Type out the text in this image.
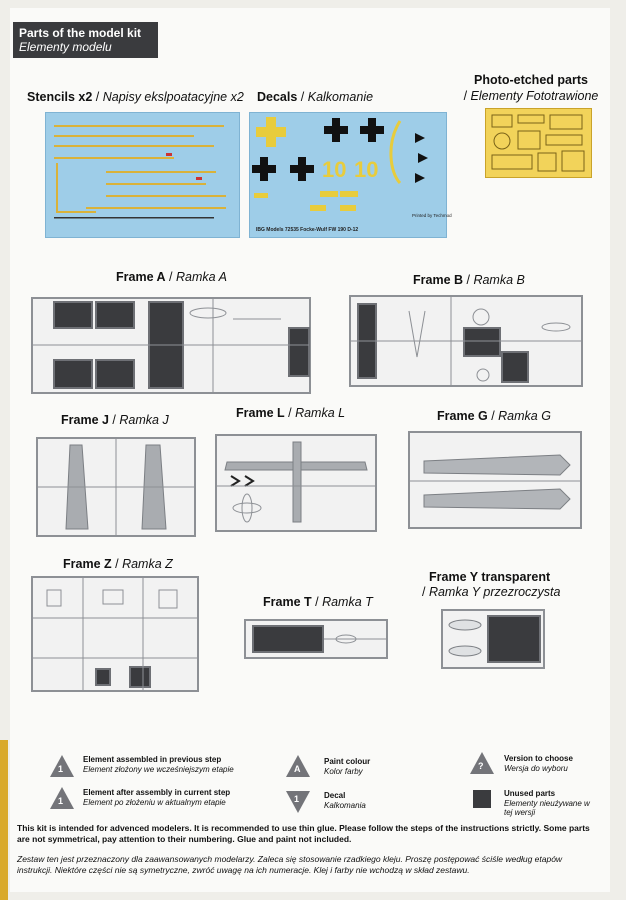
Parts of the model kit
Elementy modelu
Stencils x2 / Napisy ekslpoatacyjne x2 Decals / Kalkomanie
10 10
IBG Models 72535 Focke-Wulf FW 190 D-12
Printed by Techmod
Photo-etched parts
/ Elementy Fototrawione
Frame A / Ramka A	Frame B / Ramka B
Frame J / Ramka J	Frame L / Ramka L	Frame G / Ramka G
Frame Z / Ramka Z
Frame T / Ramka T
Frame Y transparent
/ Ramka Y przezroczysta
1
Element assembled in previous step
Element złożony we wcześniejszym etapie
1
Element after assembly in current step
Element po złożeniu w aktualnym etapie
A
Paint colour
Kolor farby
1	Decal
Kalkomania
?
Version to choose
Wersja do wyboru
Unused parts
Elementy nieużywane w tej wersji
This kit is intended for advenced modelers. It is recommended to use thin glue. Please follow the steps of the instructions strictly. Some parts are not symmetrical, pay attention to their numbering. Glue and paint not included.
Zestaw ten jest przeznaczony dla zaawansowanych modelarzy. Zaleca się stosowanie rzadkiego kleju. Proszę postępować ściśle według etapów instrukcji. Niektóre części nie są symetryczne, zwróć uwagę na ich numeracje. Klej i farby nie wchodzą w skład zestawu.
